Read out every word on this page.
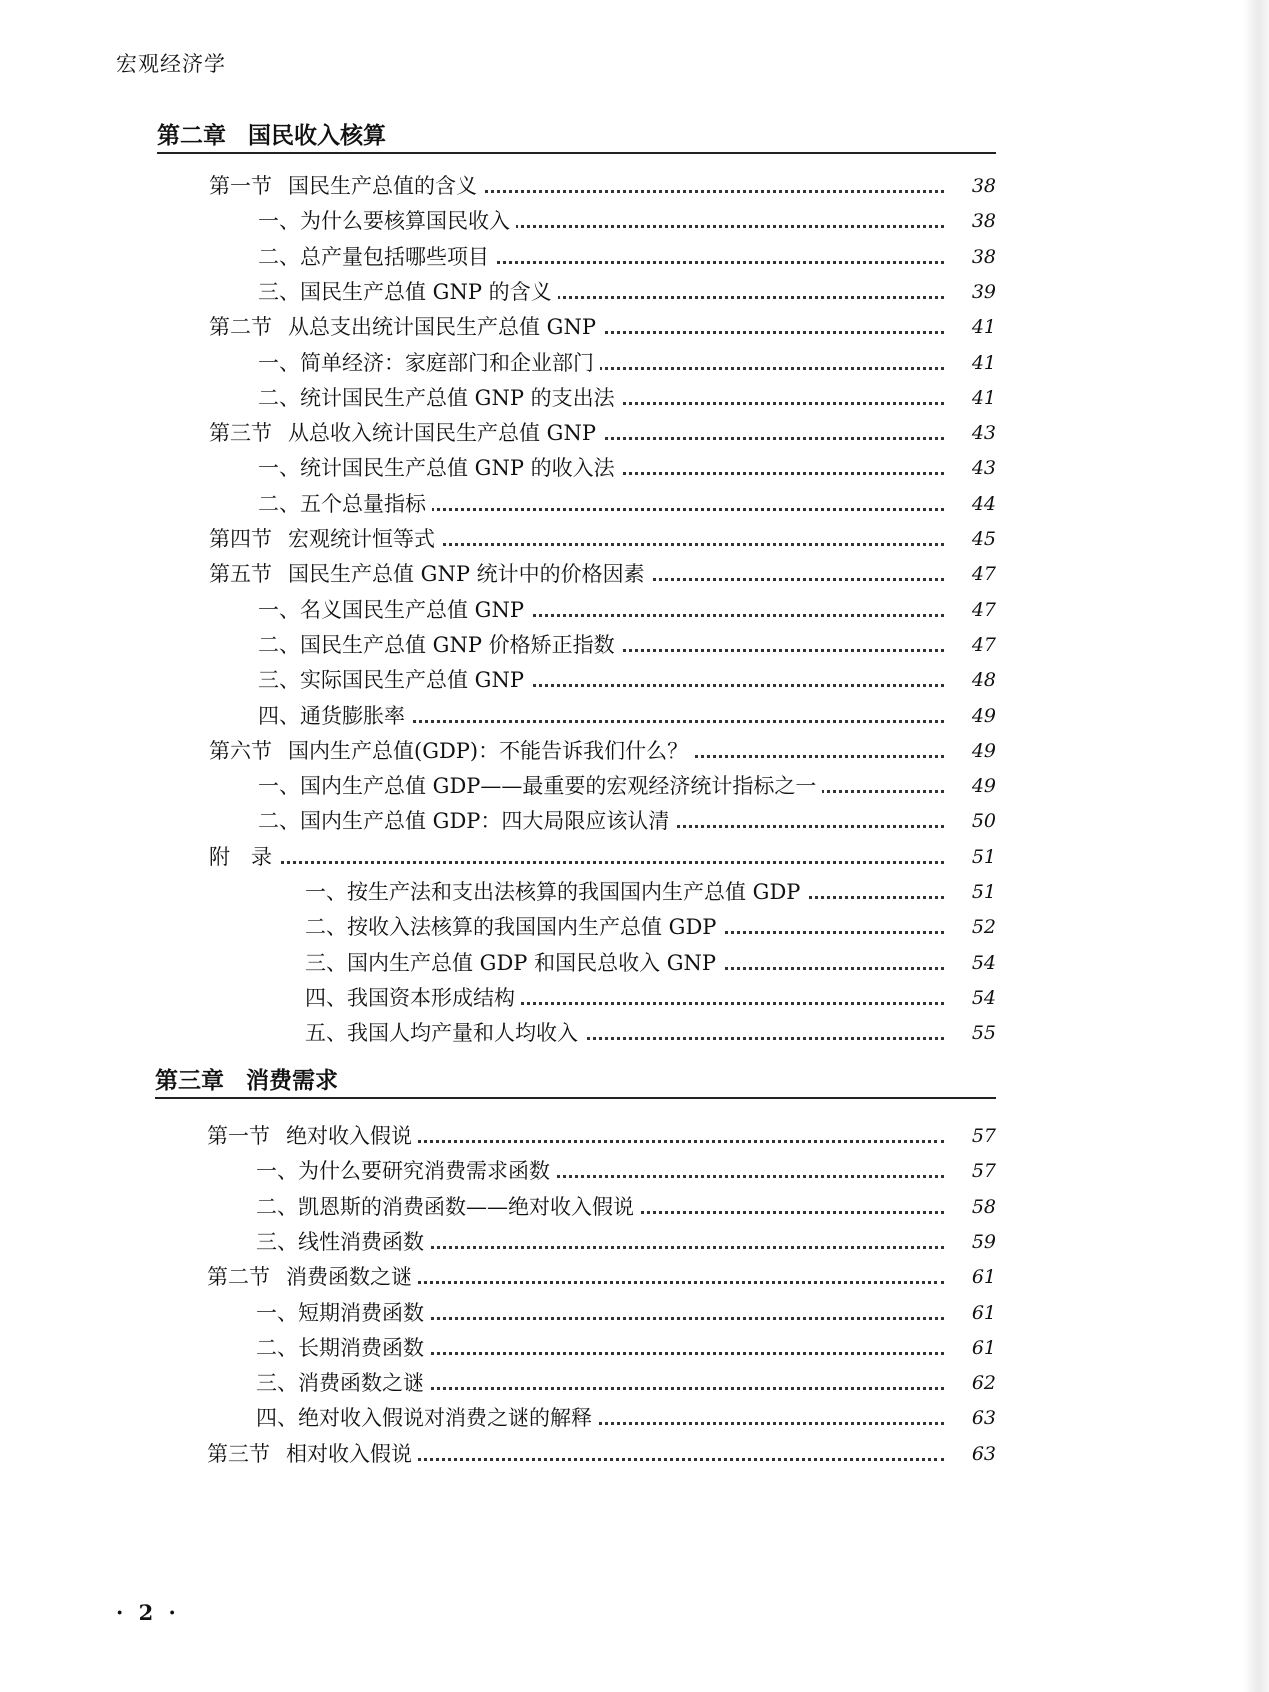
宏观经济学
第二章 国民收入核算
第一节 国民生产总值的含义	38
一、为什么要核算国民收入	38
二、总产量包括哪些项目	38
三、国民生产总值 GNP 的含义	39
第二节 从总支出统计国民生产总值 GNP	41
一、简单经济：家庭部门和企业部门	41
二、统计国民生产总值 GNP 的支出法	41
第三节 从总收入统计国民生产总值 GNP	43
一、统计国民生产总值 GNP 的收入法	43
二、五个总量指标	44
第四节 宏观统计恒等式	45
第五节 国民生产总值 GNP 统计中的价格因素	47
一、名义国民生产总值 GNP	47
二、国民生产总值 GNP 价格矫正指数	47
三、实际国民生产总值 GNP	48
四、通货膨胀率	49
第六节 国内生产总值(GDP)：不能告诉我们什么？	49
一、国内生产总值 GDP——最重要的宏观经济统计指标之一	49
二、国内生产总值 GDP：四大局限应该认清	50
附　录	51
一、按生产法和支出法核算的我国国内生产总值 GDP	51
二、按收入法核算的我国国内生产总值 GDP	52
三、国内生产总值 GDP 和国民总收入 GNP	54
四、我国资本形成结构	54
五、我国人均产量和人均收入	55
第三章 消费需求
第一节 绝对收入假说	57
一、为什么要研究消费需求函数	57
二、凯恩斯的消费函数——绝对收入假说	58
三、线性消费函数	59
第二节 消费函数之谜	61
一、短期消费函数	61
二、长期消费函数	61
三、消费函数之谜	62
四、绝对收入假说对消费之谜的解释	63
第三节 相对收入假说	63
· 2 ·
